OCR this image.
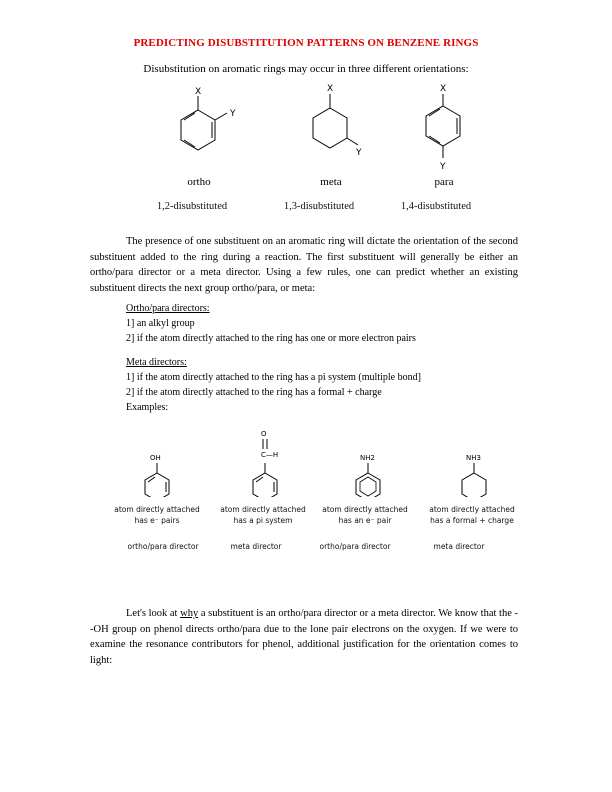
PREDICTING DISUBSTITUTION PATTERNS ON BENZENE RINGS
Disubstitution on aromatic rings may occur in three different orientations:
X
Y
X
Y
X
Y
ortho	meta	para
1,2-disubstituted	1,3-disubstituted	1,4-disubstituted
The presence of one substituent on an aromatic ring will dictate the orientation of the second substituent added to the ring during a reaction. The first substituent will generally be either an ortho/para director or a meta director. Using a few rules, one can predict whether an existing substituent directs the next group ortho/para, or meta:
Ortho/para directors:
1] an alkyl group
2] if the atom directly attached to the ring has one or more electron pairs
Meta directors:
1] if the atom directly attached to the ring has a pi system (multiple bond]
2] if the atom directly attached to the ring has a formal + charge
Examples:
OH
O
C—H	NH2	NH3
atom directly attached
has e⁻ pairs
atom directly attached
has a pi system
atom directly attached
has an e⁻ pair
atom directly attached
has a formal + charge
ortho/para director	meta director	ortho/para director	meta director
Let's look at why a substituent is an ortho/para director or a meta director. We know that the --OH group on phenol directs ortho/para due to the lone pair electrons on the oxygen. If we were to examine the resonance contributors for phenol, additional justification for the orientation comes to light:
